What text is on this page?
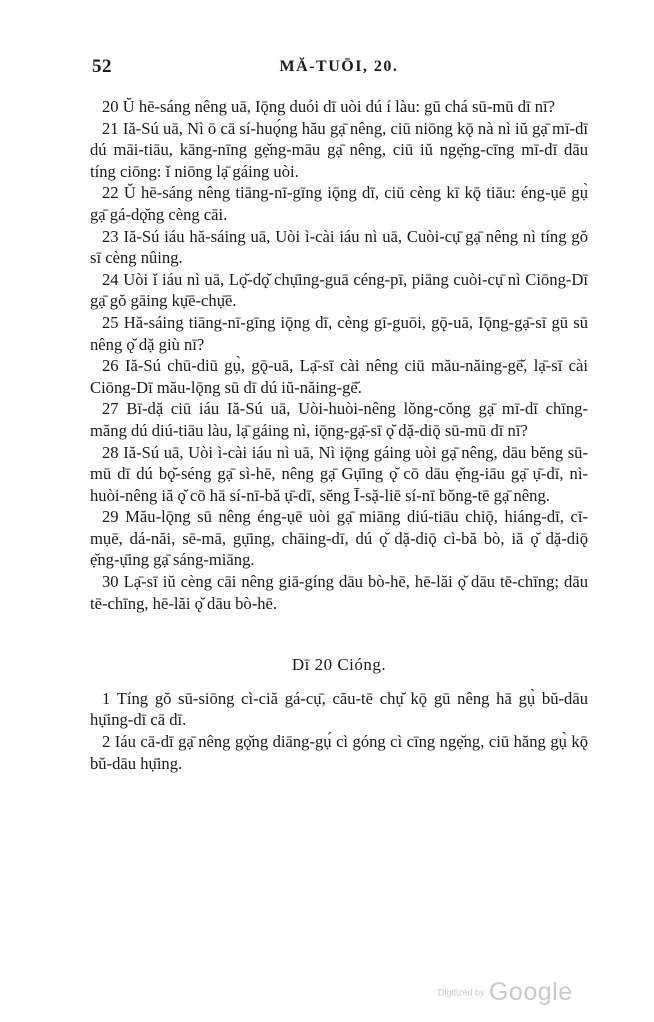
52	MĂ-TUŌI, 20.

20 Ŭ hē-sáng nêng uā, Iǭng duói dī uòi dú í làu: gū chá sū-mū dī nī?

21 Iă-Sú uā, Nì ō cā sí-huǫ́ng hău gạ̄ nêng, ciū niōng kǭ nà nì iŭ gạ̄ mī-dī dú māi-tiāu, kāng-nīng gẹ̆ng-māu gạ̄ nêng, ciū iŭ ngẹ̆ng-cīng mī-dī dāu tíng ciōng: ǐ niōng lạ̄ gáing uòi.

22 Ŭ hē-sáng nêng tiāng-nī-gīng iǭng dī, ciū cèng kī kǭ tiāu: éng-ụē gụ̀ gạ̄ gá-dǫ̆ng cèng cāi.

23 Iă-Sú iáu hă-sáing uā, Uòi ì-cài iáu nì uā, Cuòi-cụ̄ gạ̄ nêng nì tíng gŏ sī cèng nûing.

24 Uòi ǐ iáu nì uā, Lǫ̆-dǫ̆ chụ̄ing-guā céng-pī, piāng cuòi-cụ̄ nì Ciōng-Dī gạ̄ gŏ gāing kụ̄ē-chụ̄ē.

25 Hă-sáing tiāng-nī-gīng iǭng dī, cèng gī-guōi, gǭ-uā, Iǭng-gạ̄-sī gū sū nêng ǫ̆ dặ giù nī?

26 Iă-Sú chū-diū gụ̀, gǭ-uā, Lạ̄-sī cài nêng ciū mău-năing-gē̆, lạ̄-sī cài Ciōng-Dī mău-lǭng sū dī dú iŭ-năing-gē̆.

27 Bī-dặ ciū iáu Iă-Sú uā, Uòi-huòi-nêng lŏng-cŏng gạ̄ mī-dī chīng-măng dú diú-tiāu làu, lạ̄ gáing nì, iǭng-gạ̄-sī ǫ̆ dặ-diǭ sū-mū dī nī?

28 Iă-Sú uā, Uòi ì-cài iáu nì uā, Nì iǭng gáing uòi gạ̄ nêng, dāu bĕng sū-mū dī dú bǫ̆-séng gạ̄ sì-hē, nêng gạ̄ Gụ̄ing ǫ̆ cō dāu ẹ̆ng-iāu gạ̄ ụ̄-dī, nì-huòi-nêng iă ǫ̆ cō hā sí-nī-bă ụ̄-dī, sĕng Ī-sặ-liē sí-nī bŏng-tē gạ̄ nêng.

29 Mău-lǭng sū nêng éng-ụē uòi gạ̄ miāng diú-tiāu chiǭ, hiáng-dī, cī-mụē, dá-năi, sē-mā, gụ̄ing, chāing-dī, dú ǫ̆ dặ-diǭ cì-bă bò, iă ǫ̆ dặ-diǭ ẹ̆ng-ụ̄ing gạ̄ sáng-miāng.

30 Lạ̄-sī iŭ cèng cāi nêng giā-gíng dāu bò-hē, hē-lăi ǫ̆ dāu tē-chīng; dāu tē-chīng, hē-lăi ǫ̆ dāu bò-hē.

Dī 20 Cióng.

1 Tíng gŏ sū-siōng cì-ciă gá-cụ̄, cău-tē chụ̆ kǭ gū nêng hā gụ̀ bŭ-dāu hụ̄ing-dī cā dī.

2 Iáu cā-dī gạ̄ nêng gǫ̆ng diāng-gụ́ cì góng cì cīng ngẹ̆ng, ciū hăng gụ̀ kǭ bŭ-dāu hụ̄ing.

Digitized by Google
